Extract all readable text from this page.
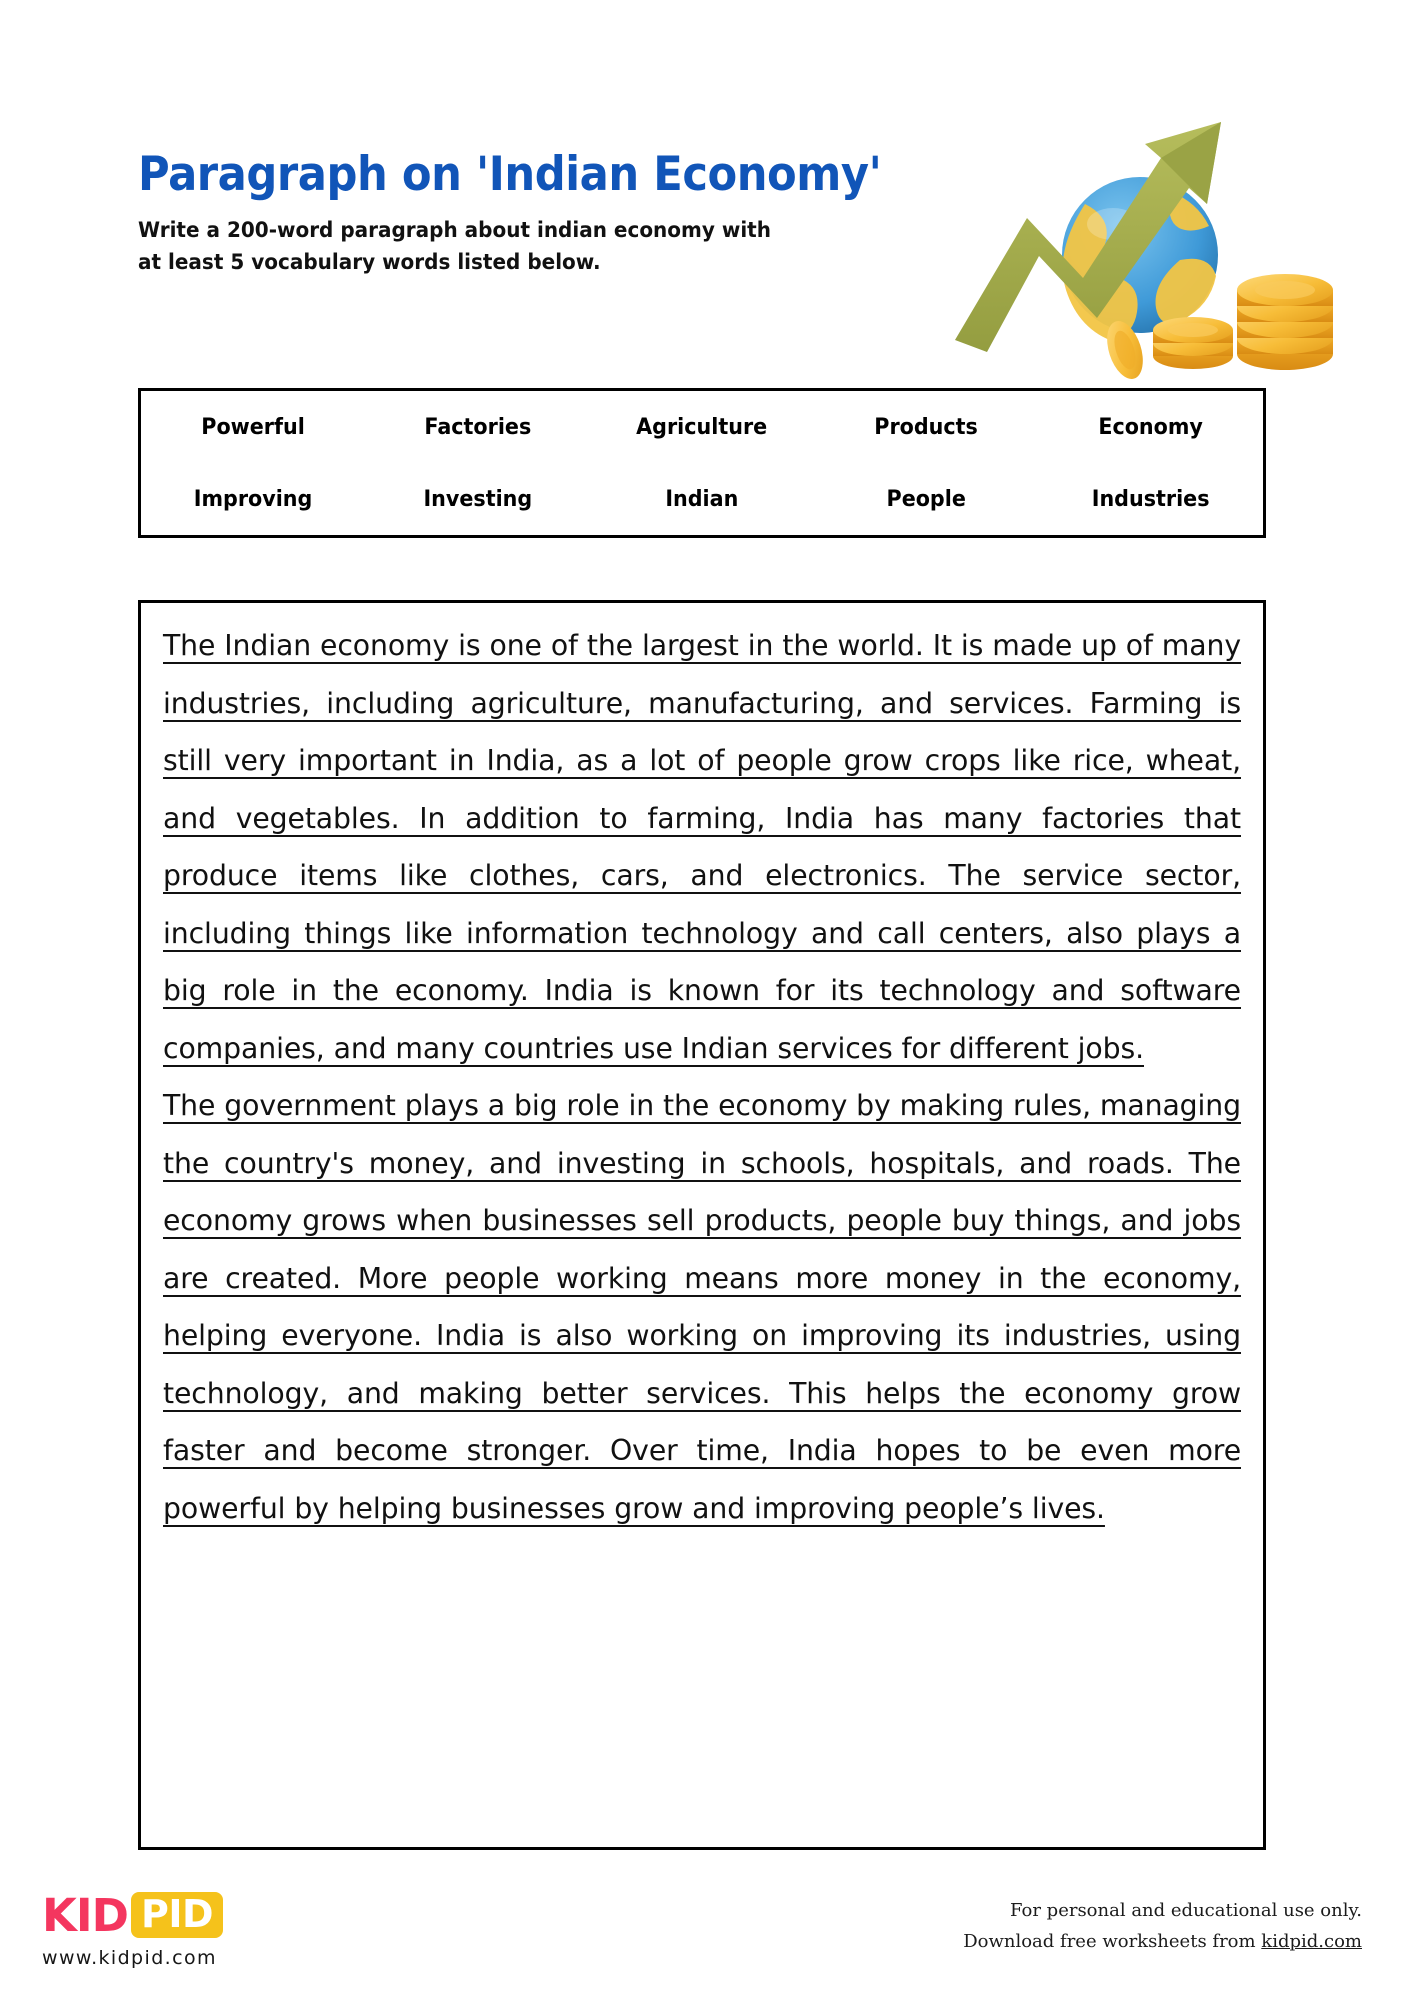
Paragraph on 'Indian Economy'
Write a 200-word paragraph about indian economy with at least 5 vocabulary words listed below.
Powerful	Factories	Agriculture	Products	Economy
Improving	Investing	Indian	People	Industries
The Indian economy is one of the largest in the world. It is made up of many industries, including agriculture, manufacturing, and services. Farming is still very important in India, as a lot of people grow crops like rice, wheat, and vegetables. In addition to farming, India has many factories that produce items like clothes, cars, and electronics. The service sector, including things like information technology and call centers, also plays a big role in the economy. India is known for its technology and software companies, and many countries use Indian services for different jobs.
The government plays a big role in the economy by making rules, managing the country's money, and investing in schools, hospitals, and roads. The economy grows when businesses sell products, people buy things, and jobs are created. More people working means more money in the economy, helping everyone. India is also working on improving its industries, using technology, and making better services. This helps the economy grow faster and become stronger. Over time, India hopes to be even more powerful by helping businesses grow and improving people’s lives.
KID PID
www.kidpid.com
For personal and educational use only.
Download free worksheets from kidpid.com
